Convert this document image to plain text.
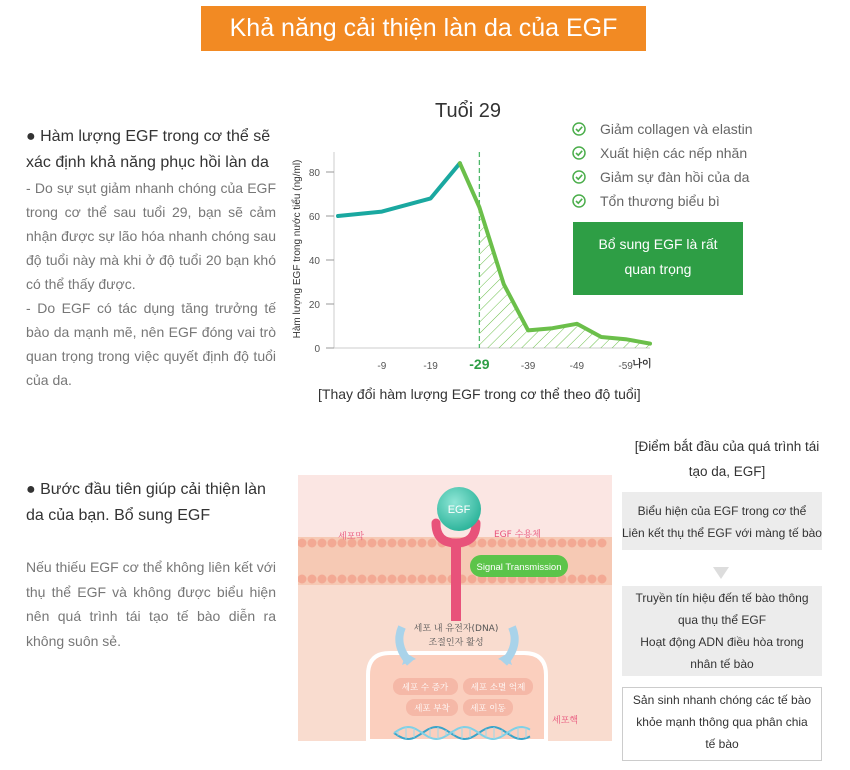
Khả năng cải thiện làn da của EGF
● Hàm lượng EGF trong cơ thể sẽ xác định khả năng phục hồi làn da
- Do sự sụt giảm nhanh chóng của EGF trong cơ thể sau tuổi 29, bạn sẽ cảm nhận được sự lão hóa nhanh chóng sau độ tuổi này mà khi ở độ tuổi 20 bạn khó có thể thấy được.
- Do EGF có tác dụng tăng trưởng tế bào da mạnh mẽ, nên EGF đóng vai trò quan trọng trong việc quyết định độ tuổi của da.
Tuổi 29
Hàm lượng EGF trong nước tiểu (ng/ml)
0
20
40
60
80
-9	-19 -29	-39	-49	-59 나이
[Thay đổi hàm lượng EGF trong cơ thể theo độ tuổi]
Giảm collagen và elastin
Xuất hiện các nếp nhăn
Giảm sự đàn hồi của da
Tổn thương biểu bì
Bổ sung EGF là rất
quan trọng
● Bước đầu tiên giúp cải thiện làn da của bạn. Bổ sung EGF
Nếu thiếu EGF cơ thể không liên kết với thụ thể EGF và không được biểu hiện nên quá trình tái tạo tế bào diễn ra không suôn sẻ.
EGF
세포막	EGF 수용체
Signal Transmission
세포 내 유전자(DNA)
조절인자 활성
세포 수 증가	세포 소멸 억제
세포 부착 세포 이동
세포핵
[Điểm bắt đầu của quá trình tái
tạo da, EGF]
Biểu hiện của EGF trong cơ thể
Liên kết thụ thể EGF với màng tế bào
Truyền tín hiệu đến tế bào thông
qua thụ thể EGF
Hoạt động ADN điều hòa trong
nhân tế bào
Sản sinh nhanh chóng các tế bào
khỏe mạnh thông qua phân chia
tế bào
